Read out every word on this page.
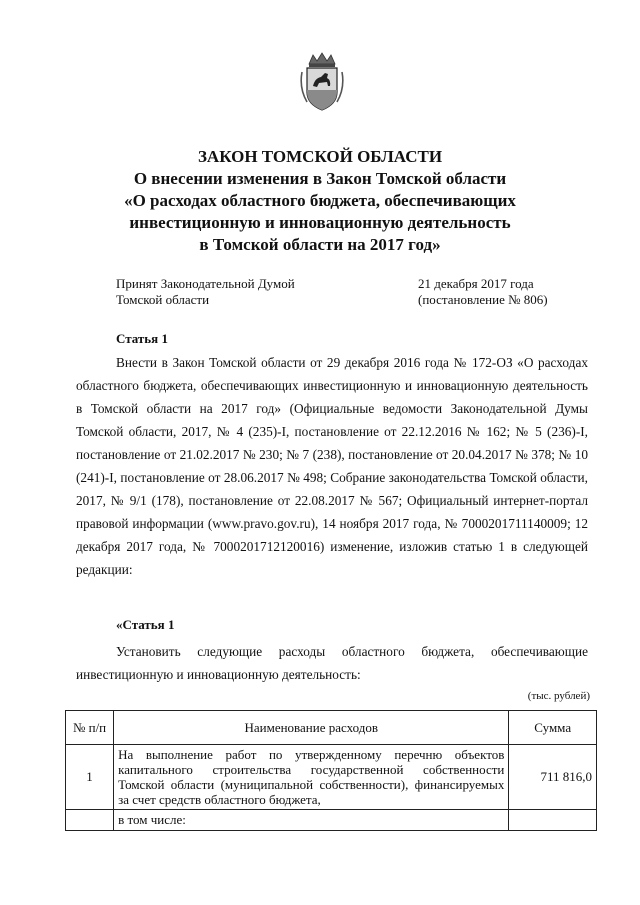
ЗАКОН ТОМСКОЙ ОБЛАСТИ
О внесении изменения в Закон Томской области
«О расходах областного бюджета, обеспечивающих
инвестиционную и инновационную деятельность
в Томской области на 2017 год»
Принят Законодательной Думой
Томской области
21 декабря 2017 года
(постановление № 806)
Статья 1
Внести в Закон Томской области от 29 декабря 2016 года № 172-ОЗ «О расходах областного бюджета, обеспечивающих инвестиционную и инновационную деятельность в Томской области на 2017 год» (Официальные ведомости Законодательной Думы Томской области, 2017, № 4 (235)-I, постановление от 22.12.2016 № 162; № 5 (236)-I, постановление от 21.02.2017 № 230; № 7 (238), постановление от 20.04.2017 № 378; № 10 (241)-I, постановление от 28.06.2017 № 498; Собрание законодательства Томской области, 2017, № 9/1 (178), постановление от 22.08.2017 № 567; Официальный интернет-портал правовой информации (www.pravo.gov.ru), 14 ноября 2017 года, № 7000201711140009; 12 декабря 2017 года, № 7000201712120016) изменение, изложив статью 1 в следующей редакции:
«Статья 1
Установить следующие расходы областного бюджета, обеспечивающие инвестиционную и инновационную деятельность:
(тыс. рублей)
№ п/п	Наименование расходов	Сумма
1	На выполнение работ по утвержденному перечню объектов капитального строительства государственной собственности Томской области (муниципальной собственности), финансируемых за счет средств областного бюджета,	711 816,0
	в том числе:	
